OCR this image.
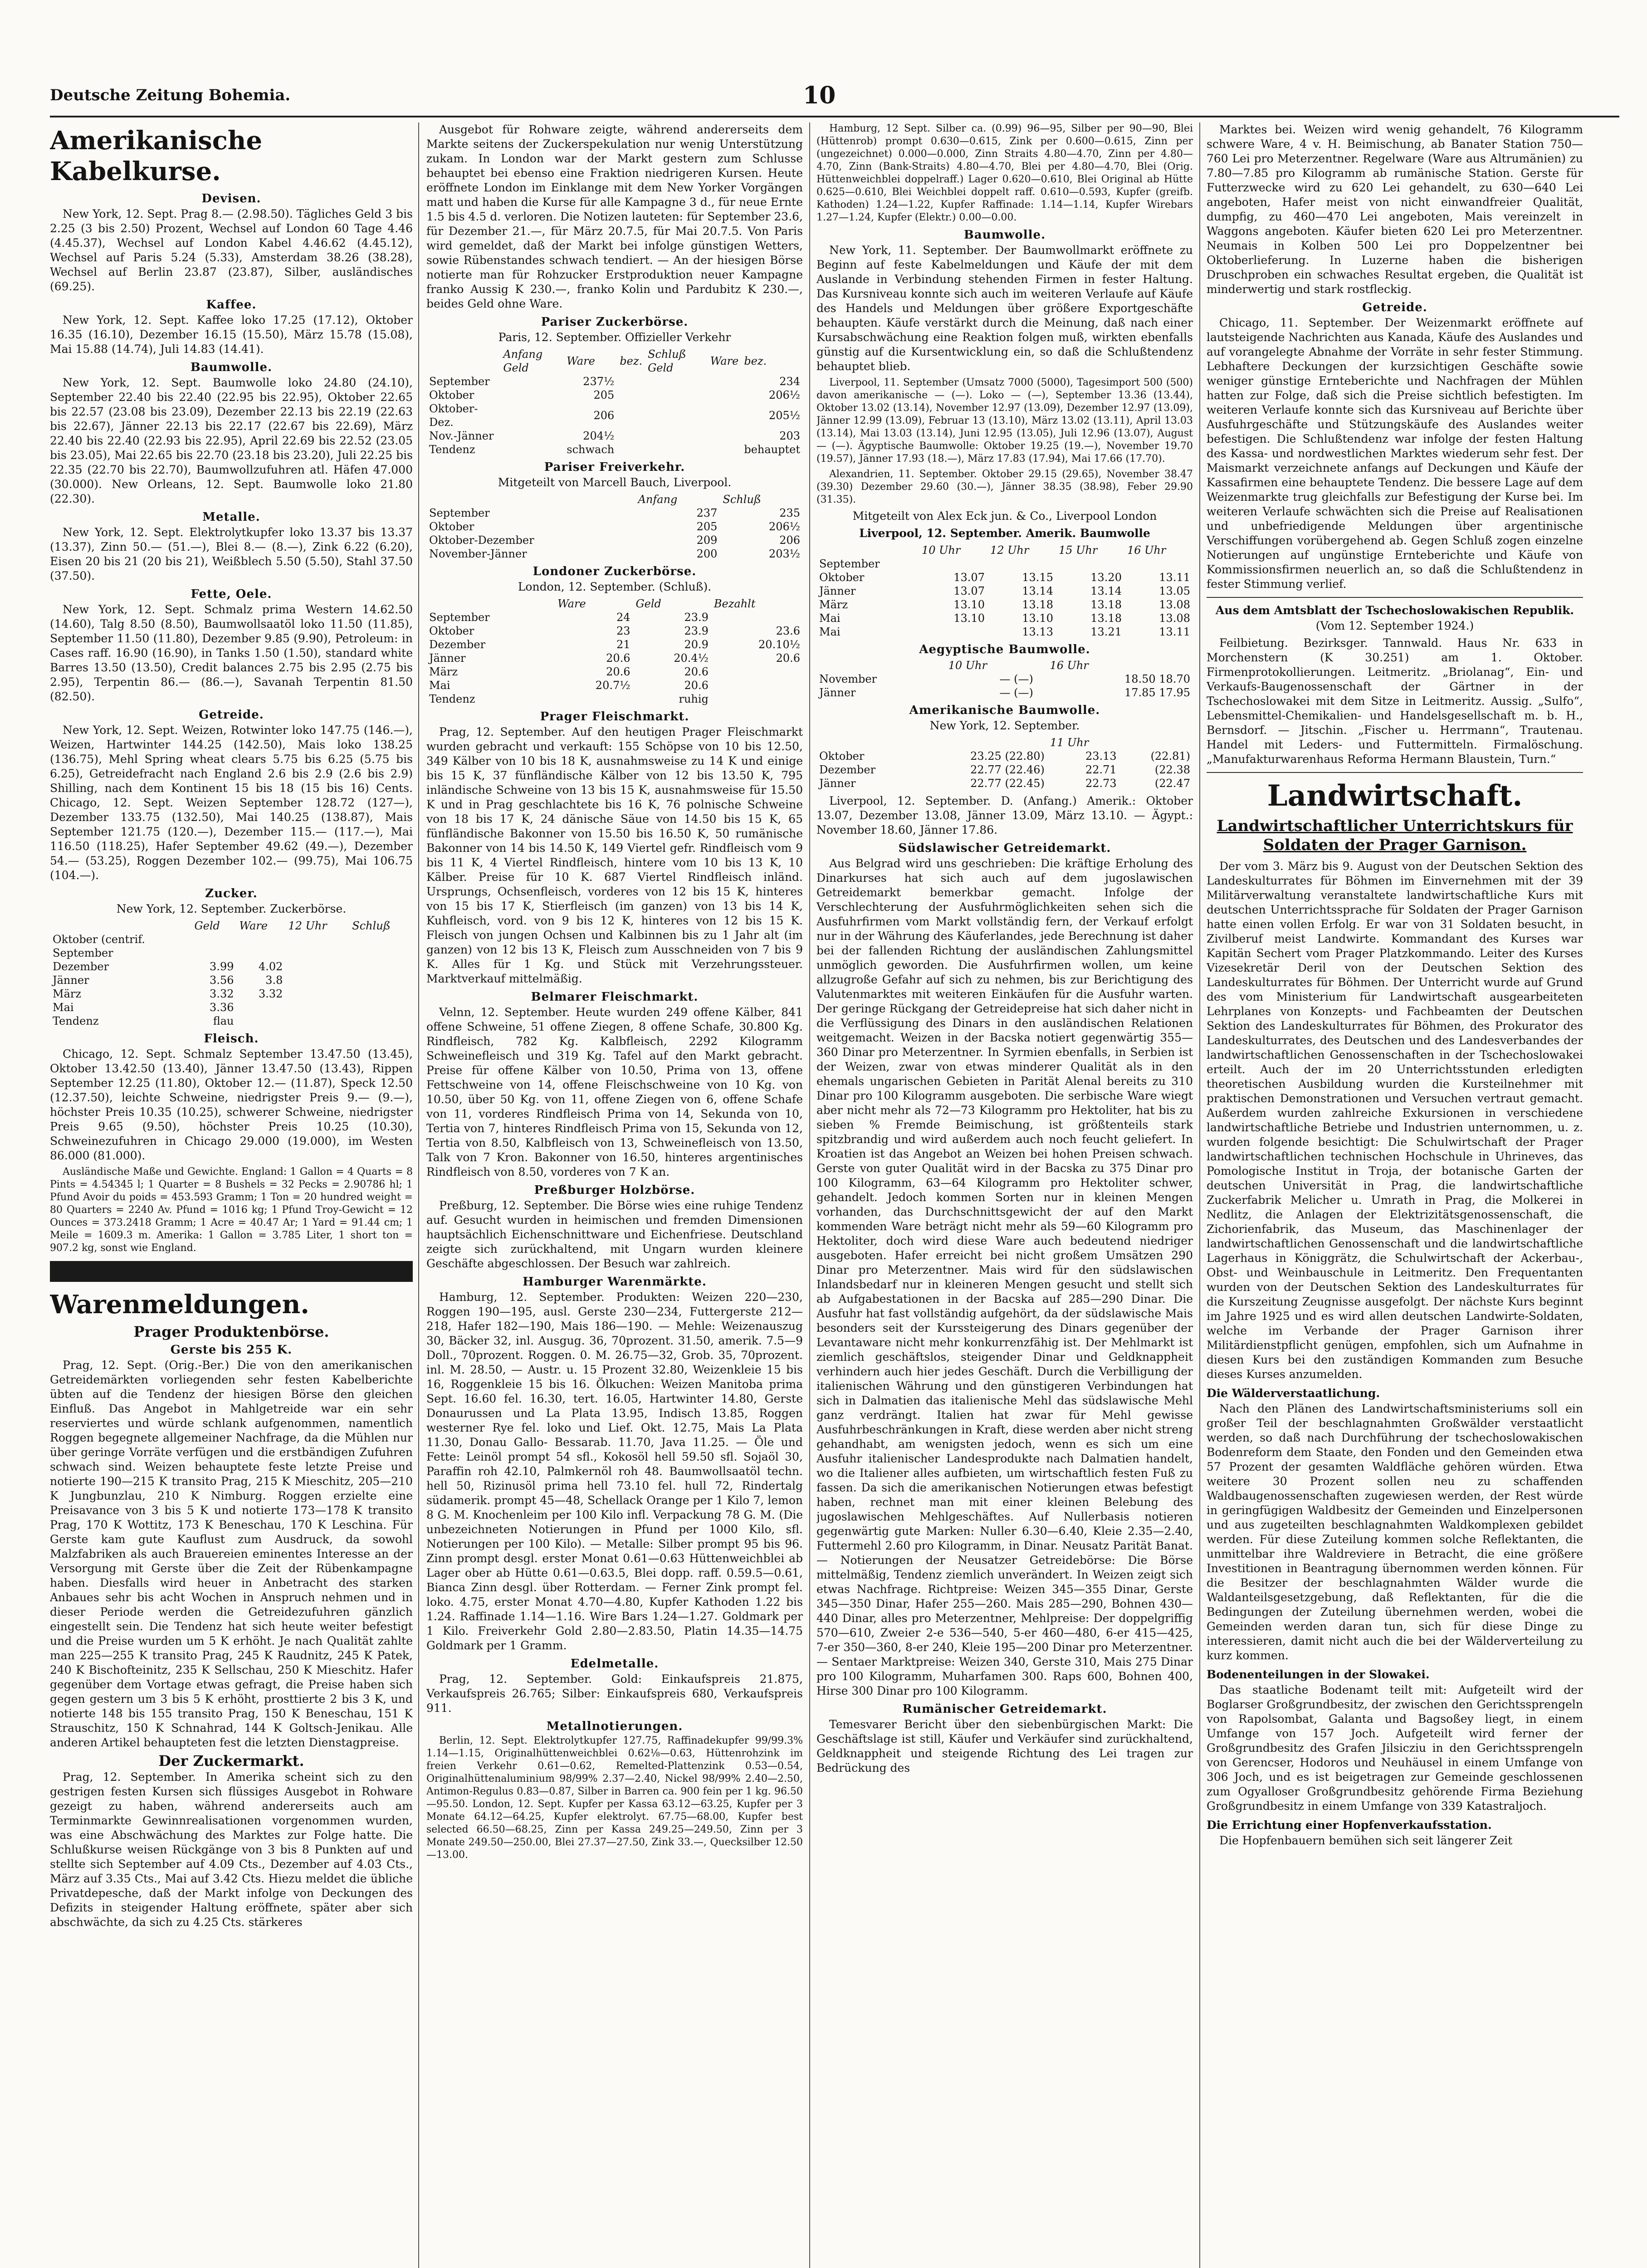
Deutsche Zeitung Bohemia.	10
Amerikanische Kabelkurse.
Devisen.

New York, 12. Sept. Prag 8.— (2.98.50). Tägliches Geld 3 bis 2.25 (3 bis 2.50) Prozent, Wechsel auf London 60 Tage 4.46 (4.45.37), Wechsel auf London Kabel 4.46.62 (4.45.12), Wechsel auf Paris 5.24 (5.33), Amsterdam 38.26 (38.28), Wechsel auf Berlin 23.87 (23.87), Silber, ausländisches (69.25).

Kaffee.

New York, 12. Sept. Kaffee loko 17.25 (17.12), Oktober 16.35 (16.10), Dezember 16.15 (15.50), März 15.78 (15.08), Mai 15.88 (14.74), Juli 14.83 (14.41).

Baumwolle.

New York, 12. Sept. Baumwolle loko 24.80 (24.10), September 22.40 bis 22.40 (22.95 bis 22.95), Oktober 22.65 bis 22.57 (23.08 bis 23.09), Dezember 22.13 bis 22.19 (22.63 bis 22.67), Jänner 22.13 bis 22.17 (22.67 bis 22.69), März 22.40 bis 22.40 (22.93 bis 22.95), April 22.69 bis 22.52 (23.05 bis 23.05), Mai 22.65 bis 22.70 (23.18 bis 23.20), Juli 22.25 bis 22.35 (22.70 bis 22.70), Baumwollzufuhren atl. Häfen 47.000 (30.000). New Orleans, 12. Sept. Baumwolle loko 21.80 (22.30).

Metalle.

New York, 12. Sept. Elektrolytkupfer loko 13.37 bis 13.37 (13.37), Zinn 50.— (51.—), Blei 8.— (8.—), Zink 6.22 (6.20), Eisen 20 bis 21 (20 bis 21), Weißblech 5.50 (5.50), Stahl 37.50 (37.50).

Fette, Oele.

New York, 12. Sept. Schmalz prima Western 14.62.50 (14.60), Talg 8.50 (8.50), Baumwollsaatöl loko 11.50 (11.85), September 11.50 (11.80), Dezember 9.85 (9.90), Petroleum: in Cases raff. 16.90 (16.90), in Tanks 1.50 (1.50), standard white Barres 13.50 (13.50), Credit balances 2.75 bis 2.95 (2.75 bis 2.95), Terpentin 86.— (86.—), Savanah Terpentin 81.50 (82.50).

Getreide.

New York, 12. Sept. Weizen, Rotwinter loko 147.75 (146.—), Weizen, Hartwinter 144.25 (142.50), Mais loko 138.25 (136.75), Mehl Spring wheat clears 5.75 bis 6.25 (5.75 bis 6.25), Getreidefracht nach England 2.6 bis 2.9 (2.6 bis 2.9) Shilling, nach dem Kontinent 15 bis 18 (15 bis 16) Cents. Chicago, 12. Sept. Weizen September 128.72 (127—), Dezember 133.75 (132.50), Mai 140.25 (138.87), Mais September 121.75 (120.—), Dezember 115.— (117.—), Mai 116.50 (118.25), Hafer September 49.62 (49.—), Dezember 54.— (53.25), Roggen Dezember 102.— (99.75), Mai 106.75 (104.—).

Zucker.

New York, 12. September. Zuckerbörse.

	Geld	Ware	12 Uhr	Schluß
Oktober (centrif.				
September				
Dezember	3.99	4.02		
Jänner	3.56	3.8		
März	3.32	3.32		
Mai	3.36			
Tendenz	flau			
Fleisch.

Chicago, 12. Sept. Schmalz September 13.47.50 (13.45), Oktober 13.42.50 (13.40), Jänner 13.47.50 (13.43), Rippen September 12.25 (11.80), Oktober 12.— (11.87), Speck 12.50 (12.37.50), leichte Schweine, niedrigster Preis 9.— (9.—), höchster Preis 10.35 (10.25), schwerer Schweine, niedrigster Preis 9.65 (9.50), höchster Preis 10.25 (10.30), Schweinezufuhren in Chicago 29.000 (19.000), im Westen 86.000 (81.000).

Ausländische Maße und Gewichte. England: 1 Gallon = 4 Quarts = 8 Pints = 4.54345 l; 1 Quarter = 8 Bushels = 32 Pecks = 2.90786 hl; 1 Pfund Avoir du poids = 453.593 Gramm; 1 Ton = 20 hundred weight = 80 Quarters = 2240 Av. Pfund = 1016 kg; 1 Pfund Troy-Gewicht = 12 Ounces = 373.2418 Gramm; 1 Acre = 40.47 Ar; 1 Yard = 91.44 cm; 1 Meile = 1609.3 m. Amerika: 1 Gallon = 3.785 Liter, 1 short ton = 907.2 kg, sonst wie England.

Warenmeldungen.
Prager Produktenbörse.
Gerste bis 255 K.

Prag, 12. Sept. (Orig.-Ber.) Die von den amerikanischen Getreidemärkten vorliegenden sehr festen Kabelberichte übten auf die Tendenz der hiesigen Börse den gleichen Einfluß. Das Angebot in Mahlgetreide war ein sehr reserviertes und würde schlank aufgenommen, namentlich Roggen begegnete allgemeiner Nachfrage, da die Mühlen nur über geringe Vorräte verfügen und die erstbändigen Zufuhren schwach sind. Weizen behauptete feste letzte Preise und notierte 190—215 K transito Prag, 215 K Mieschitz, 205—210 K Jungbunzlau, 210 K Nimburg. Roggen erzielte eine Preisavance von 3 bis 5 K und notierte 173—178 K transito Prag, 170 K Wottitz, 173 K Beneschau, 170 K Leschina. Für Gerste kam gute Kauflust zum Ausdruck, da sowohl Malzfabriken als auch Brauereien eminentes Interesse an der Versorgung mit Gerste über die Zeit der Rübenkampagne haben. Diesfalls wird heuer in Anbetracht des starken Anbaues sehr bis acht Wochen in Anspruch nehmen und in dieser Periode werden die Getreidezufuhren gänzlich eingestellt sein. Die Tendenz hat sich heute weiter befestigt und die Preise wurden um 5 K erhöht. Je nach Qualität zahlte man 225—255 K transito Prag, 245 K Raudnitz, 245 K Patek, 240 K Bischofteinitz, 235 K Sellschau, 250 K Mieschitz. Hafer gegenüber dem Vortage etwas gefragt, die Preise haben sich gegen gestern um 3 bis 5 K erhöht, prosttierte 2 bis 3 K, und notierte 148 bis 155 transito Prag, 150 K Beneschau, 151 K Strauschitz, 150 K Schnahrad, 144 K Goltsch-Jenikau. Alle anderen Artikel behaupteten fest die letzten Dienstagpreise.

Der Zuckermarkt.

Prag, 12. September. In Amerika scheint sich zu den gestrigen festen Kursen sich flüssiges Ausgebot in Rohware gezeigt zu haben, während andererseits auch am Terminmarkte Gewinnrealisationen vorgenommen wurden, was eine Abschwächung des Marktes zur Folge hatte. Die Schlußkurse weisen Rückgänge von 3 bis 8 Punkten auf und stellte sich September auf 4.09 Cts., Dezember auf 4.03 Cts., März auf 3.35 Cts., Mai auf 3.42 Cts. Hiezu meldet die übliche Privatdepesche, daß der Markt infolge von Deckungen des Defizits in steigender Haltung eröffnete, später aber sich abschwächte, da sich zu 4.25 Cts. stärkeres

Ausgebot für Rohware zeigte, während andererseits dem Markte seitens der Zuckerspekulation nur wenig Unterstützung zukam. In London war der Markt gestern zum Schlusse behauptet bei ebenso eine Fraktion niedrigeren Kursen. Heute eröffnete London im Einklange mit dem New Yorker Vorgängen matt und haben die Kurse für alle Kampagne 3 d., für neue Ernte 1.5 bis 4.5 d. verloren. Die Notizen lauteten: für September 23.6, für Dezember 21.—, für März 20.7.5, für Mai 20.7.5. Von Paris wird gemeldet, daß der Markt bei infolge günstigen Wetters, sowie Rübenstandes schwach tendiert. — An der hiesigen Börse notierte man für Rohzucker Erstproduktion neuer Kampagne franko Aussig K 230.—, franko Kolin und Pardubitz K 230.—, beides Geld ohne Ware.

Pariser Zuckerbörse.

Paris, 12. September. Offizieller Verkehr

	Anfang Geld	Ware	bez.	Schluß Geld	Ware	bez.
September		237½				234
Oktober		205				206½
Oktober-Dez.		206				205½
Nov.-Jänner		204½				203
Tendenz		schwach				behauptet
Pariser Freiverkehr.

Mitgeteilt von Marcell Bauch, Liverpool.

	Anfang	Schluß
September	237	235
Oktober	205	206½
Oktober-Dezember	209	206
November-Jänner	200	203½
Londoner Zuckerbörse.

London, 12. September. (Schluß).

	Ware	Geld	Bezahlt
September	24	23.9	
Oktober	23	23.9	23.6
Dezember	21	20.9	20.10½
Jänner	20.6	20.4½	20.6
März	20.6	20.6	
Mai	20.7½	20.6	
Tendenz		ruhig	
Prager Fleischmarkt.

Prag, 12. September. Auf den heutigen Prager Fleischmarkt wurden gebracht und verkauft: 155 Schöpse von 10 bis 12.50, 349 Kälber von 10 bis 18 K, ausnahmsweise zu 14 K und einige bis 15 K, 37 fünfländische Kälber von 12 bis 13.50 K, 795 inländische Schweine von 13 bis 15 K, ausnahmsweise für 15.50 K und in Prag geschlachtete bis 16 K, 76 polnische Schweine von 18 bis 17 K, 24 dänische Säue von 14.50 bis 15 K, 65 fünfländische Bakonner von 15.50 bis 16.50 K, 50 rumänische Bakonner von 14 bis 14.50 K, 149 Viertel gefr. Rindfleisch vom 9 bis 11 K, 4 Viertel Rindfleisch, hintere vom 10 bis 13 K, 10 Kälber. Preise für 10 K. 687 Viertel Rindfleisch inländ. Ursprungs, Ochsenfleisch, vorderes von 12 bis 15 K, hinteres von 15 bis 17 K, Stierfleisch (im ganzen) von 13 bis 14 K, Kuhfleisch, vord. von 9 bis 12 K, hinteres von 12 bis 15 K. Fleisch von jungen Ochsen und Kalbinnen bis zu 1 Jahr alt (im ganzen) von 12 bis 13 K, Fleisch zum Ausschneiden von 7 bis 9 K. Alles für 1 Kg. und Stück mit Verzehrungssteuer. Marktverkauf mittelmäßig.

Belmarer Fleischmarkt.

Velnn, 12. September. Heute wurden 249 offene Kälber, 841 offene Schweine, 51 offene Ziegen, 8 offene Schafe, 30.800 Kg. Rindfleisch, 782 Kg. Kalbfleisch, 2292 Kilogramm Schweinefleisch und 319 Kg. Tafel auf den Markt gebracht. Preise für offene Kälber von 10.50, Prima von 13, offene Fettschweine von 14, offene Fleischschweine von 10 Kg. von 10.50, über 50 Kg. von 11, offene Ziegen von 6, offene Schafe von 11, vorderes Rindfleisch Prima von 14, Sekunda von 10, Tertia von 7, hinteres Rindfleisch Prima von 15, Sekunda von 12, Tertia von 8.50, Kalbfleisch von 13, Schweinefleisch von 13.50, Talk von 7 Kron. Bakonner von 16.50, hinteres argentinisches Rindfleisch von 8.50, vorderes von 7 K an.

Preßburger Holzbörse.

Preßburg, 12. September. Die Börse wies eine ruhige Tendenz auf. Gesucht wurden in heimischen und fremden Dimensionen hauptsächlich Eichenschnittware und Eichenfriese. Deutschland zeigte sich zurückhaltend, mit Ungarn wurden kleinere Geschäfte abgeschlossen. Der Besuch war zahlreich.

Hamburger Warenmärkte.

Hamburg, 12. September. Produkten: Weizen 220—230, Roggen 190—195, ausl. Gerste 230—234, Futtergerste 212—218, Hafer 182—190, Mais 186—190. — Mehle: Weizenauszug 30, Bäcker 32, inl. Ausgug. 36, 70prozent. 31.50, amerik. 7.5—9 Doll., 70prozent. Roggen. 0. M. 26.75—32, Grob. 35, 70prozent. inl. M. 28.50, — Austr. u. 15 Prozent 32.80, Weizenkleie 15 bis 16, Roggenkleie 15 bis 16. Ölkuchen: Weizen Manitoba prima Sept. 16.60 fel. 16.30, tert. 16.05, Hartwinter 14.80, Gerste Donaurussen und La Plata 13.95, Indisch 13.85, Roggen westerner Rye fel. loko und Lief. Okt. 12.75, Mais La Plata 11.30, Donau Gallo- Bessarab. 11.70, Java 11.25. — Öle und Fette: Leinöl prompt 54 sfl., Kokosöl hell 59.50 sfl. Sojaöl 30, Paraffin roh 42.10, Palmkernöl roh 48. Baumwollsaatöl techn. hell 50, Rizinusöl prima hell 73.10 fel. hull 72, Rindertalg südamerik. prompt 45—48, Schellack Orange per 1 Kilo 7, lemon 8 G. M. Knochenleim per 100 Kilo infl. Verpackung 78 G. M. (Die unbezeichneten Notierungen in Pfund per 1000 Kilo, sfl. Notierungen per 100 Kilo). — Metalle: Silber prompt 95 bis 96. Zinn prompt desgl. erster Monat 0.61—0.63 Hüttenweichblei ab Lager ober ab Hütte 0.61—0.63.5, Blei dopp. raff. 0.59.5—0.61, Bianca Zinn desgl. über Rotterdam. — Ferner Zink prompt fel. loko. 4.75, erster Monat 4.70—4.80, Kupfer Kathoden 1.22 bis 1.24. Raffinade 1.14—1.16. Wire Bars 1.24—1.27. Goldmark per 1 Kilo. Freiverkehr Gold 2.80—2.83.50, Platin 14.35—14.75 Goldmark per 1 Gramm.

Edelmetalle.

Prag, 12. September. Gold: Einkaufspreis 21.875, Verkaufspreis 26.765; Silber: Einkaufspreis 680, Verkaufspreis 911.

Metallnotierungen.

Berlin, 12. Sept. Elektrolytkupfer 127.75, Raffinadekupfer 99/99.3% 1.14—1.15, Originalhüttenweichblei 0.62⅛—0.63, Hüttenrohzink im freien Verkehr 0.61—0.62, Remelted-Plattenzink 0.53—0.54, Originalhüttenaluminium 98/99% 2.37—2.40, Nickel 98/99% 2.40—2.50, Antimon-Regulus 0.83—0.87, Silber in Barren ca. 900 fein per 1 kg. 96.50—95.50. London, 12. Sept. Kupfer per Kassa 63.12—63.25, Kupfer per 3 Monate 64.12—64.25, Kupfer elektrolyt. 67.75—68.00, Kupfer best selected 66.50—68.25, Zinn per Kassa 249.25—249.50, Zinn per 3 Monate 249.50—250.00, Blei 27.37—27.50, Zink 33.—, Quecksilber 12.50—13.00.

Hamburg, 12 Sept. Silber ca. (0.99) 96—95, Silber per 90—90, Blei (Hüttenrob) prompt 0.630—0.615, Zink per 0.600—0.615, Zinn per (ungezeichnet) 0.000—0.000, Zinn Straits 4.80—4.70, Zinn per 4.80—4.70, Zinn (Bank-Straits) 4.80—4.70, Blei per 4.80—4.70, Blei (Orig. Hüttenweichblei doppelraff.) Lager 0.620—0.610, Blei Original ab Hütte 0.625—0.610, Blei Weichblei doppelt raff. 0.610—0.593, Kupfer (greifb. Kathoden) 1.24—1.22, Kupfer Raffinade: 1.14—1.14, Kupfer Wirebars 1.27—1.24, Kupfer (Elektr.) 0.00—0.00.

Baumwolle.

New York, 11. September. Der Baumwollmarkt eröffnete zu Beginn auf feste Kabelmeldungen und Käufe der mit dem Auslande in Verbindung stehenden Firmen in fester Haltung. Das Kursniveau konnte sich auch im weiteren Verlaufe auf Käufe des Handels und Meldungen über größere Exportgeschäfte behaupten. Käufe verstärkt durch die Meinung, daß nach einer Kursabschwächung eine Reaktion folgen muß, wirkten ebenfalls günstig auf die Kursentwicklung ein, so daß die Schlußtendenz behauptet blieb.

Liverpool, 11. September (Umsatz 7000 (5000), Tagesimport 500 (500) davon amerikanische — (—). Loko — (—), September 13.36 (13.44), Oktober 13.02 (13.14), November 12.97 (13.09), Dezember 12.97 (13.09), Jänner 12.99 (13.09), Februar 13 (13.10), März 13.02 (13.11), April 13.03 (13.14), Mai 13.03 (13.14), Juni 12.95 (13.05), Juli 12.96 (13.07), August — (—). Ägyptische Baumwolle: Oktober 19.25 (19.—), November 19.70 (19.57), Jänner 17.93 (18.—), März 17.83 (17.94), Mai 17.66 (17.70).

Alexandrien, 11. September. Oktober 29.15 (29.65), November 38.47 (39.30) Dezember 29.60 (30.—), Jänner 38.35 (38.98), Feber 29.90 (31.35).

Mitgeteilt von Alex Eck jun. & Co., Liverpool London

Liverpool, 12. September. Amerik. Baumwolle

	10 Uhr	12 Uhr	15 Uhr	16 Uhr
September				
Oktober	13.07	13.15	13.20	13.11
Jänner	13.07	13.14	13.14	13.05
März	13.10	13.18	13.18	13.08
Mai	13.10	13.10	13.18	13.08
Mai		13.13	13.21	13.11
Aegyptische Baumwolle.
	10 Uhr		16 Uhr
November	— (—)		18.50 18.70
Jänner	— (—)		17.85 17.95
Amerikanische Baumwolle.

New York, 12. September.

		11 Uhr	
Oktober	23.25 (22.80)	23.13	(22.81)
Dezember	22.77 (22.46)	22.71	(22.38
Jänner	22.77 (22.45)	22.73	(22.47

Liverpool, 12. September. D. (Anfang.) Amerik.: Oktober 13.07, Dezember 13.08, Jänner 13.09, März 13.10. — Ägypt.: November 18.60, Jänner 17.86.

Südslawischer Getreidemarkt.

Aus Belgrad wird uns geschrieben: Die kräftige Erholung des Dinarkurses hat sich auch auf dem jugoslawischen Getreidemarkt bemerkbar gemacht. Infolge der Verschlechterung der Ausfuhrmöglichkeiten sehen sich die Ausfuhrfirmen vom Markt vollständig fern, der Verkauf erfolgt nur in der Währung des Käuferlandes, jede Berechnung ist daher bei der fallenden Richtung der ausländischen Zahlungsmittel unmöglich geworden. Die Ausfuhrfirmen wollen, um keine allzugroße Gefahr auf sich zu nehmen, bis zur Berichtigung des Valutenmarktes mit weiteren Einkäufen für die Ausfuhr warten. Der geringe Rückgang der Getreidepreise hat sich daher nicht in die Verflüssigung des Dinars in den ausländischen Relationen weitgemacht. Weizen in der Bacska notiert gegenwärtig 355—360 Dinar pro Meterzentner. In Syrmien ebenfalls, in Serbien ist der Weizen, zwar von etwas minderer Qualität als in den ehemals ungarischen Gebieten in Parität Alenal bereits zu 310 Dinar pro 100 Kilogramm ausgeboten. Die serbische Ware wiegt aber nicht mehr als 72—73 Kilogramm pro Hektoliter, hat bis zu sieben % Fremde Beimischung, ist größtenteils stark spitzbrandig und wird außerdem auch noch feucht geliefert. In Kroatien ist das Angebot an Weizen bei hohen Preisen schwach. Gerste von guter Qualität wird in der Bacska zu 375 Dinar pro 100 Kilogramm, 63—64 Kilogramm pro Hektoliter schwer, gehandelt. Jedoch kommen Sorten nur in kleinen Mengen vorhanden, das Durchschnittsgewicht der auf den Markt kommenden Ware beträgt nicht mehr als 59—60 Kilogramm pro Hektoliter, doch wird diese Ware auch bedeutend niedriger ausgeboten. Hafer erreicht bei nicht großem Umsätzen 290 Dinar pro Meterzentner. Mais wird für den südslawischen Inlandsbedarf nur in kleineren Mengen gesucht und stellt sich ab Aufgabestationen in der Bacska auf 285—290 Dinar. Die Ausfuhr hat fast vollständig aufgehört, da der südslawische Mais besonders seit der Kurssteigerung des Dinars gegenüber der Levantaware nicht mehr konkurrenzfähig ist. Der Mehlmarkt ist ziemlich geschäftslos, steigender Dinar und Geldknappheit verhindern auch hier jedes Geschäft. Durch die Verbilligung der italienischen Währung und den günstigeren Verbindungen hat sich in Dalmatien das italienische Mehl das südslawische Mehl ganz verdrängt. Italien hat zwar für Mehl gewisse Ausfuhrbeschränkungen in Kraft, diese werden aber nicht streng gehandhabt, am wenigsten jedoch, wenn es sich um eine Ausfuhr italienischer Landesprodukte nach Dalmatien handelt, wo die Italiener alles aufbieten, um wirtschaftlich festen Fuß zu fassen. Da sich die amerikanischen Notierungen etwas befestigt haben, rechnet man mit einer kleinen Belebung des jugoslawischen Mehlgeschäftes. Auf Nullerbasis notieren gegenwärtig gute Marken: Nuller 6.30—6.40, Kleie 2.35—2.40, Futtermehl 2.60 pro Kilogramm, in Dinar. Neusatz Parität Banat. — Notierungen der Neusatzer Getreidebörse: Die Börse mittelmäßig, Tendenz ziemlich unverändert. In Weizen zeigt sich etwas Nachfrage. Richtpreise: Weizen 345—355 Dinar, Gerste 345—350 Dinar, Hafer 255—260. Mais 285—290, Bohnen 430—440 Dinar, alles pro Meterzentner, Mehlpreise: Der doppelgriffig 570—610, Zweier 2-e 536—540, 5-er 460—480, 6-er 415—425, 7-er 350—360, 8-er 240, Kleie 195—200 Dinar pro Meterzentner. — Sentaer Marktpreise: Weizen 340, Gerste 310, Mais 275 Dinar pro 100 Kilogramm, Muharfamen 300. Raps 600, Bohnen 400, Hirse 300 Dinar pro 100 Kilogramm.

Rumänischer Getreidemarkt.

Temesvarer Bericht über den siebenbürgischen Markt: Die Geschäftslage ist still, Käufer und Verkäufer sind zurückhaltend, Geldknappheit und steigende Richtung des Lei tragen zur Bedrückung des

Marktes bei. Weizen wird wenig gehandelt, 76 Kilogramm schwere Ware, 4 v. H. Beimischung, ab Banater Station 750—760 Lei pro Meterzentner. Regelware (Ware aus Altrumänien) zu 7.80—7.85 pro Kilogramm ab rumänische Station. Gerste für Futterzwecke wird zu 620 Lei gehandelt, zu 630—640 Lei angeboten, Hafer meist von nicht einwandfreier Qualität, dumpfig, zu 460—470 Lei angeboten, Mais vereinzelt in Waggons angeboten. Käufer bieten 620 Lei pro Meterzentner. Neumais in Kolben 500 Lei pro Doppelzentner bei Oktoberlieferung. In Luzerne haben die bisherigen Druschproben ein schwaches Resultat ergeben, die Qualität ist minderwertig und stark rostfleckig.

Getreide.

Chicago, 11. September. Der Weizenmarkt eröffnete auf lautsteigende Nachrichten aus Kanada, Käufe des Auslandes und auf vorangelegte Abnahme der Vorräte in sehr fester Stimmung. Lebhaftere Deckungen der kurzsichtigen Geschäfte sowie weniger günstige Ernteberichte und Nachfragen der Mühlen hatten zur Folge, daß sich die Preise sichtlich befestigten. Im weiteren Verlaufe konnte sich das Kursniveau auf Berichte über Ausfuhrgeschäfte und Stützungskäufe des Auslandes weiter befestigen. Die Schlußtendenz war infolge der festen Haltung des Kassa- und nordwestlichen Marktes wiederum sehr fest. Der Maismarkt verzeichnete anfangs auf Deckungen und Käufe der Kassafirmen eine behauptete Tendenz. Die bessere Lage auf dem Weizenmarkte trug gleichfalls zur Befestigung der Kurse bei. Im weiteren Verlaufe schwächten sich die Preise auf Realisationen und unbefriedigende Meldungen über argentinische Verschiffungen vorübergehend ab. Gegen Schluß zogen einzelne Notierungen auf ungünstige Ernteberichte und Käufe von Kommissionsfirmen neuerlich an, so daß die Schlußtendenz in fester Stimmung verlief.

Aus dem Amtsblatt der Tschechoslowakischen Republik.

(Vom 12. September 1924.)

Feilbietung. Bezirksger. Tannwald. Haus Nr. 633 in Morchenstern (K 30.251) am 1. Oktober. Firmenprotokollierungen. Leitmeritz. „Briolanag“, Ein- und Verkaufs-Baugenossenschaft der Gärtner in der Tschechoslowakei mit dem Sitze in Leitmeritz. Aussig. „Sulfo“, Lebensmittel-Chemikalien- und Handelsgesellschaft m. b. H., Bernsdorf. — Jitschin. „Fischer u. Herrmann“, Trautenau. Handel mit Leders- und Futtermitteln. Firmalöschung. „Manufakturwarenhaus Reforma Hermann Blaustein, Turn.“

Landwirtschaft.
Landwirtschaftlicher Unterrichtskurs für Soldaten der Prager Garnison.

Der vom 3. März bis 9. August von der Deutschen Sektion des Landeskulturrates für Böhmen im Einvernehmen mit der 39 Militärverwaltung veranstaltete landwirtschaftliche Kurs mit deutschen Unterrichtssprache für Soldaten der Prager Garnison hatte einen vollen Erfolg. Er war von 31 Soldaten besucht, in Zivilberuf meist Landwirte. Kommandant des Kurses war Kapitän Sechert vom Prager Platzkommando. Leiter des Kurses Vizesekretär Deril von der Deutschen Sektion des Landeskulturrates für Böhmen. Der Unterricht wurde auf Grund des vom Ministerium für Landwirtschaft ausgearbeiteten Lehrplanes von Konzepts- und Fachbeamten der Deutschen Sektion des Landeskulturrates für Böhmen, des Prokurator des Landeskulturrates, des Deutschen und des Landesverbandes der landwirtschaftlichen Genossenschaften in der Tschechoslowakei erteilt. Auch der im 20 Unterrichtsstunden erledigten theoretischen Ausbildung wurden die Kursteilnehmer mit praktischen Demonstrationen und Versuchen vertraut gemacht. Außerdem wurden zahlreiche Exkursionen in verschiedene landwirtschaftliche Betriebe und Industrien unternommen, u. z. wurden folgende besichtigt: Die Schulwirtschaft der Prager landwirtschaftlichen technischen Hochschule in Uhrineves, das Pomologische Institut in Troja, der botanische Garten der deutschen Universität in Prag, die landwirtschaftliche Zuckerfabrik Melicher u. Umrath in Prag, die Molkerei in Nedlitz, die Anlagen der Elektrizitätsgenossenschaft, die Zichorienfabrik, das Museum, das Maschinenlager der landwirtschaftlichen Genossenschaft und die landwirtschaftliche Lagerhaus in Königgrätz, die Schulwirtschaft der Ackerbau-, Obst- und Weinbauschule in Leitmeritz. Den Frequentanten wurden von der Deutschen Sektion des Landeskulturrates für die Kurszeitung Zeugnisse ausgefolgt. Der nächste Kurs beginnt im Jahre 1925 und es wird allen deutschen Landwirte-Soldaten, welche im Verbande der Prager Garnison ihrer Militärdienstpflicht genügen, empfohlen, sich um Aufnahme in diesen Kurs bei den zuständigen Kommanden zum Besuche dieses Kurses anzumelden.

Die Wälderverstaatlichung.

Nach den Plänen des Landwirtschaftsministeriums soll ein großer Teil der beschlagnahmten Großwälder verstaatlicht werden, so daß nach Durchführung der tschechoslowakischen Bodenreform dem Staate, den Fonden und den Gemeinden etwa 57 Prozent der gesamten Waldfläche gehören würden. Etwa weitere 30 Prozent sollen neu zu schaffenden Waldbaugenossenschaften zugewiesen werden, der Rest würde in geringfügigen Waldbesitz der Gemeinden und Einzelpersonen und aus zugeteilten beschlagnahmten Waldkomplexen gebildet werden. Für diese Zuteilung kommen solche Reflektanten, die unmittelbar ihre Waldreviere in Betracht, die eine größere Investitionen in Beantragung übernommen werden können. Für die Besitzer der beschlagnahmten Wälder wurde die Waldanteilsgesetzgebung, daß Reflektanten, für die die Bedingungen der Zuteilung übernehmen werden, wobei die Gemeinden werden daran tun, sich für diese Dinge zu interessieren, damit nicht auch die bei der Wälderverteilung zu kurz kommen.

Bodenenteilungen in der Slowakei.

Das staatliche Bodenamt teilt mit: Aufgeteilt wird der Boglarser Großgrundbesitz, der zwischen den Gerichtssprengeln von Rapolsombat, Galanta und Bagsoßey liegt, in einem Umfange von 157 Joch. Aufgeteilt wird ferner der Großgrundbesitz des Grafen Jilsicziu in den Gerichtssprengeln von Gerencser, Hodoros und Neuhäusel in einem Umfange von 306 Joch, und es ist beigetragen zur Gemeinde geschlossenen zum Ogyalloser Großgrundbesitz gehörende Firma Beziehung Großgrundbesitz in einem Umfange von 339 Katastraljoch.

Die Errichtung einer Hopfenverkaufsstation.

Die Hopfenbauern bemühen sich seit längerer Zeit
